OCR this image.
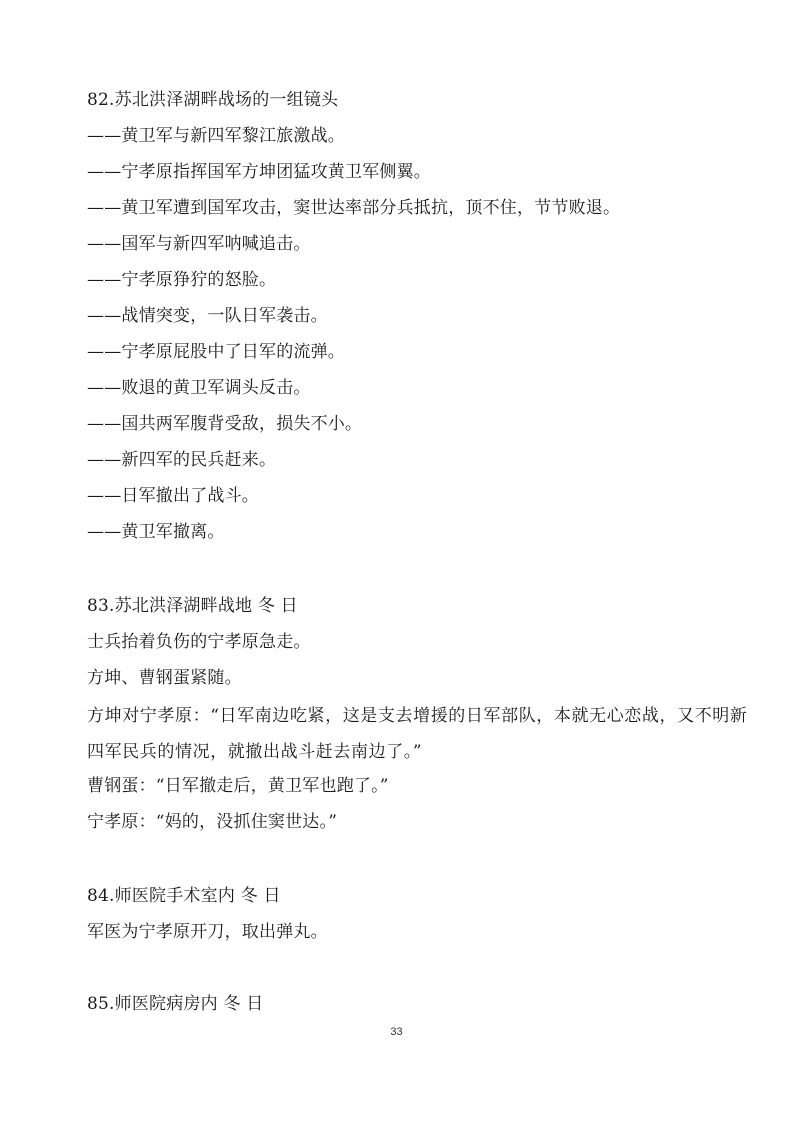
82.苏北洪泽湖畔战场的一组镜头
——黄卫军与新四军黎江旅激战。
——宁孝原指挥国军方坤团猛攻黄卫军侧翼。
——黄卫军遭到国军攻击，窦世达率部分兵抵抗，顶不住，节节败退。
——国军与新四军呐喊追击。
——宁孝原狰狞的怒脸。
——战情突变，一队日军袭击。
——宁孝原屁股中了日军的流弹。
——败退的黄卫军调头反击。
——国共两军腹背受敌，损失不小。
——新四军的民兵赶来。
——日军撤出了战斗。
——黄卫军撤离。
83.苏北洪泽湖畔战地 冬 日
士兵抬着负伤的宁孝原急走。
方坤、曹钢蛋紧随。
方坤对宁孝原：“日军南边吃紧，这是支去增援的日军部队，本就无心恋战，又不明新四军民兵的情况，就撤出战斗赶去南边了。”
曹钢蛋：“日军撤走后，黄卫军也跑了。”
宁孝原：“妈的，没抓住窦世达。”
84.师医院手术室内 冬 日
军医为宁孝原开刀，取出弹丸。
85.师医院病房内 冬 日
33
